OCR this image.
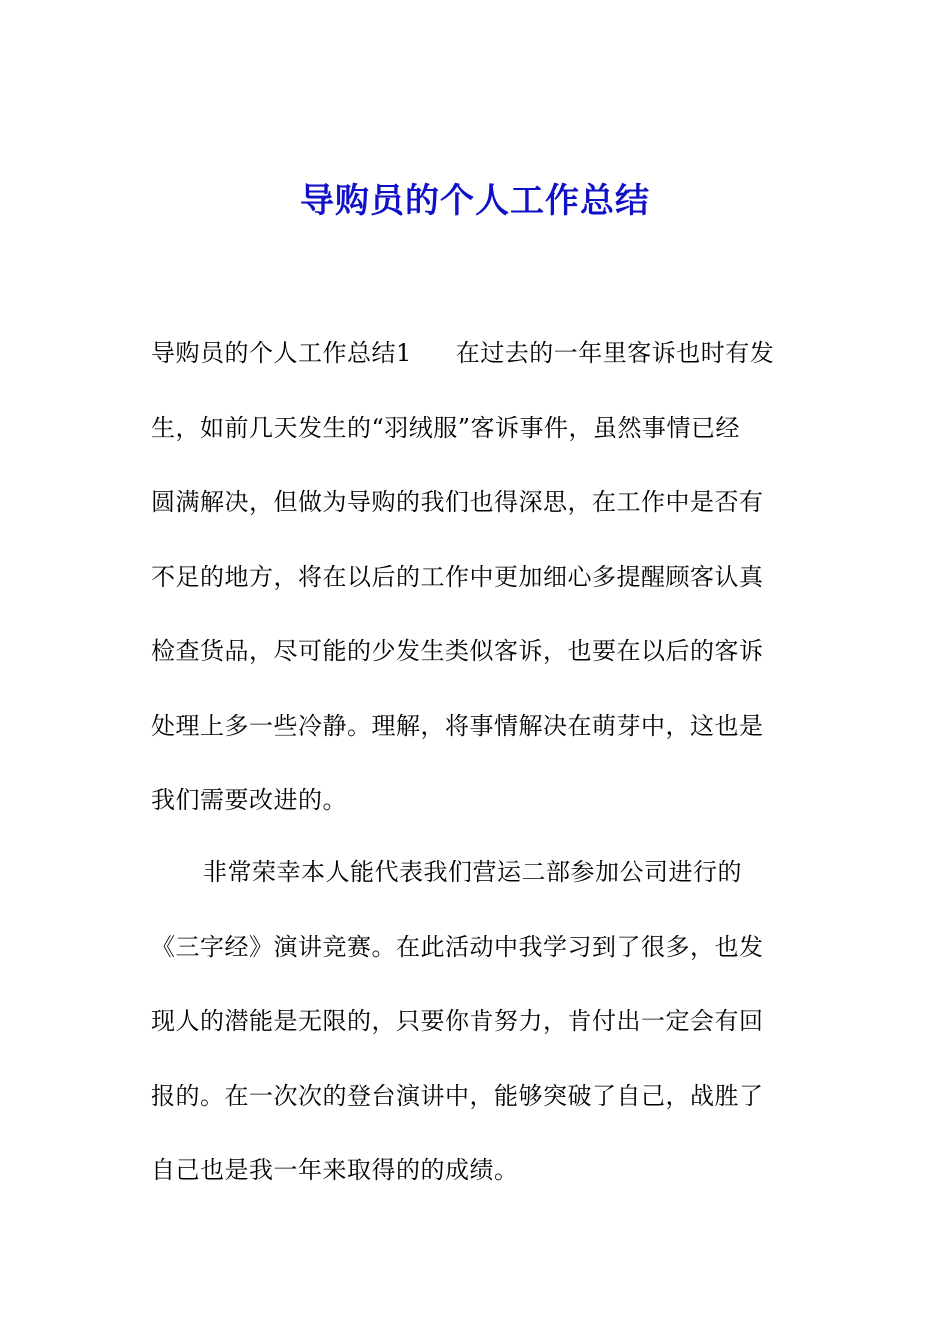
导购员的个人工作总结
导购员的个人工作总结1 在过去的一年里客诉也时有发
生，如前几天发生的“羽绒服”客诉事件，虽然事情已经
圆满解决，但做为导购的我们也得深思，在工作中是否有
不足的地方，将在以后的工作中更加细心多提醒顾客认真
检查货品，尽可能的少发生类似客诉，也要在以后的客诉
处理上多一些冷静。理解，将事情解决在萌芽中，这也是
我们需要改进的。
非常荣幸本人能代表我们营运二部参加公司进行的
《三字经》演讲竞赛。在此活动中我学习到了很多，也发
现人的潜能是无限的，只要你肯努力，肯付出一定会有回
报的。在一次次的登台演讲中，能够突破了自己，战胜了
自己也是我一年来取得的的成绩。
